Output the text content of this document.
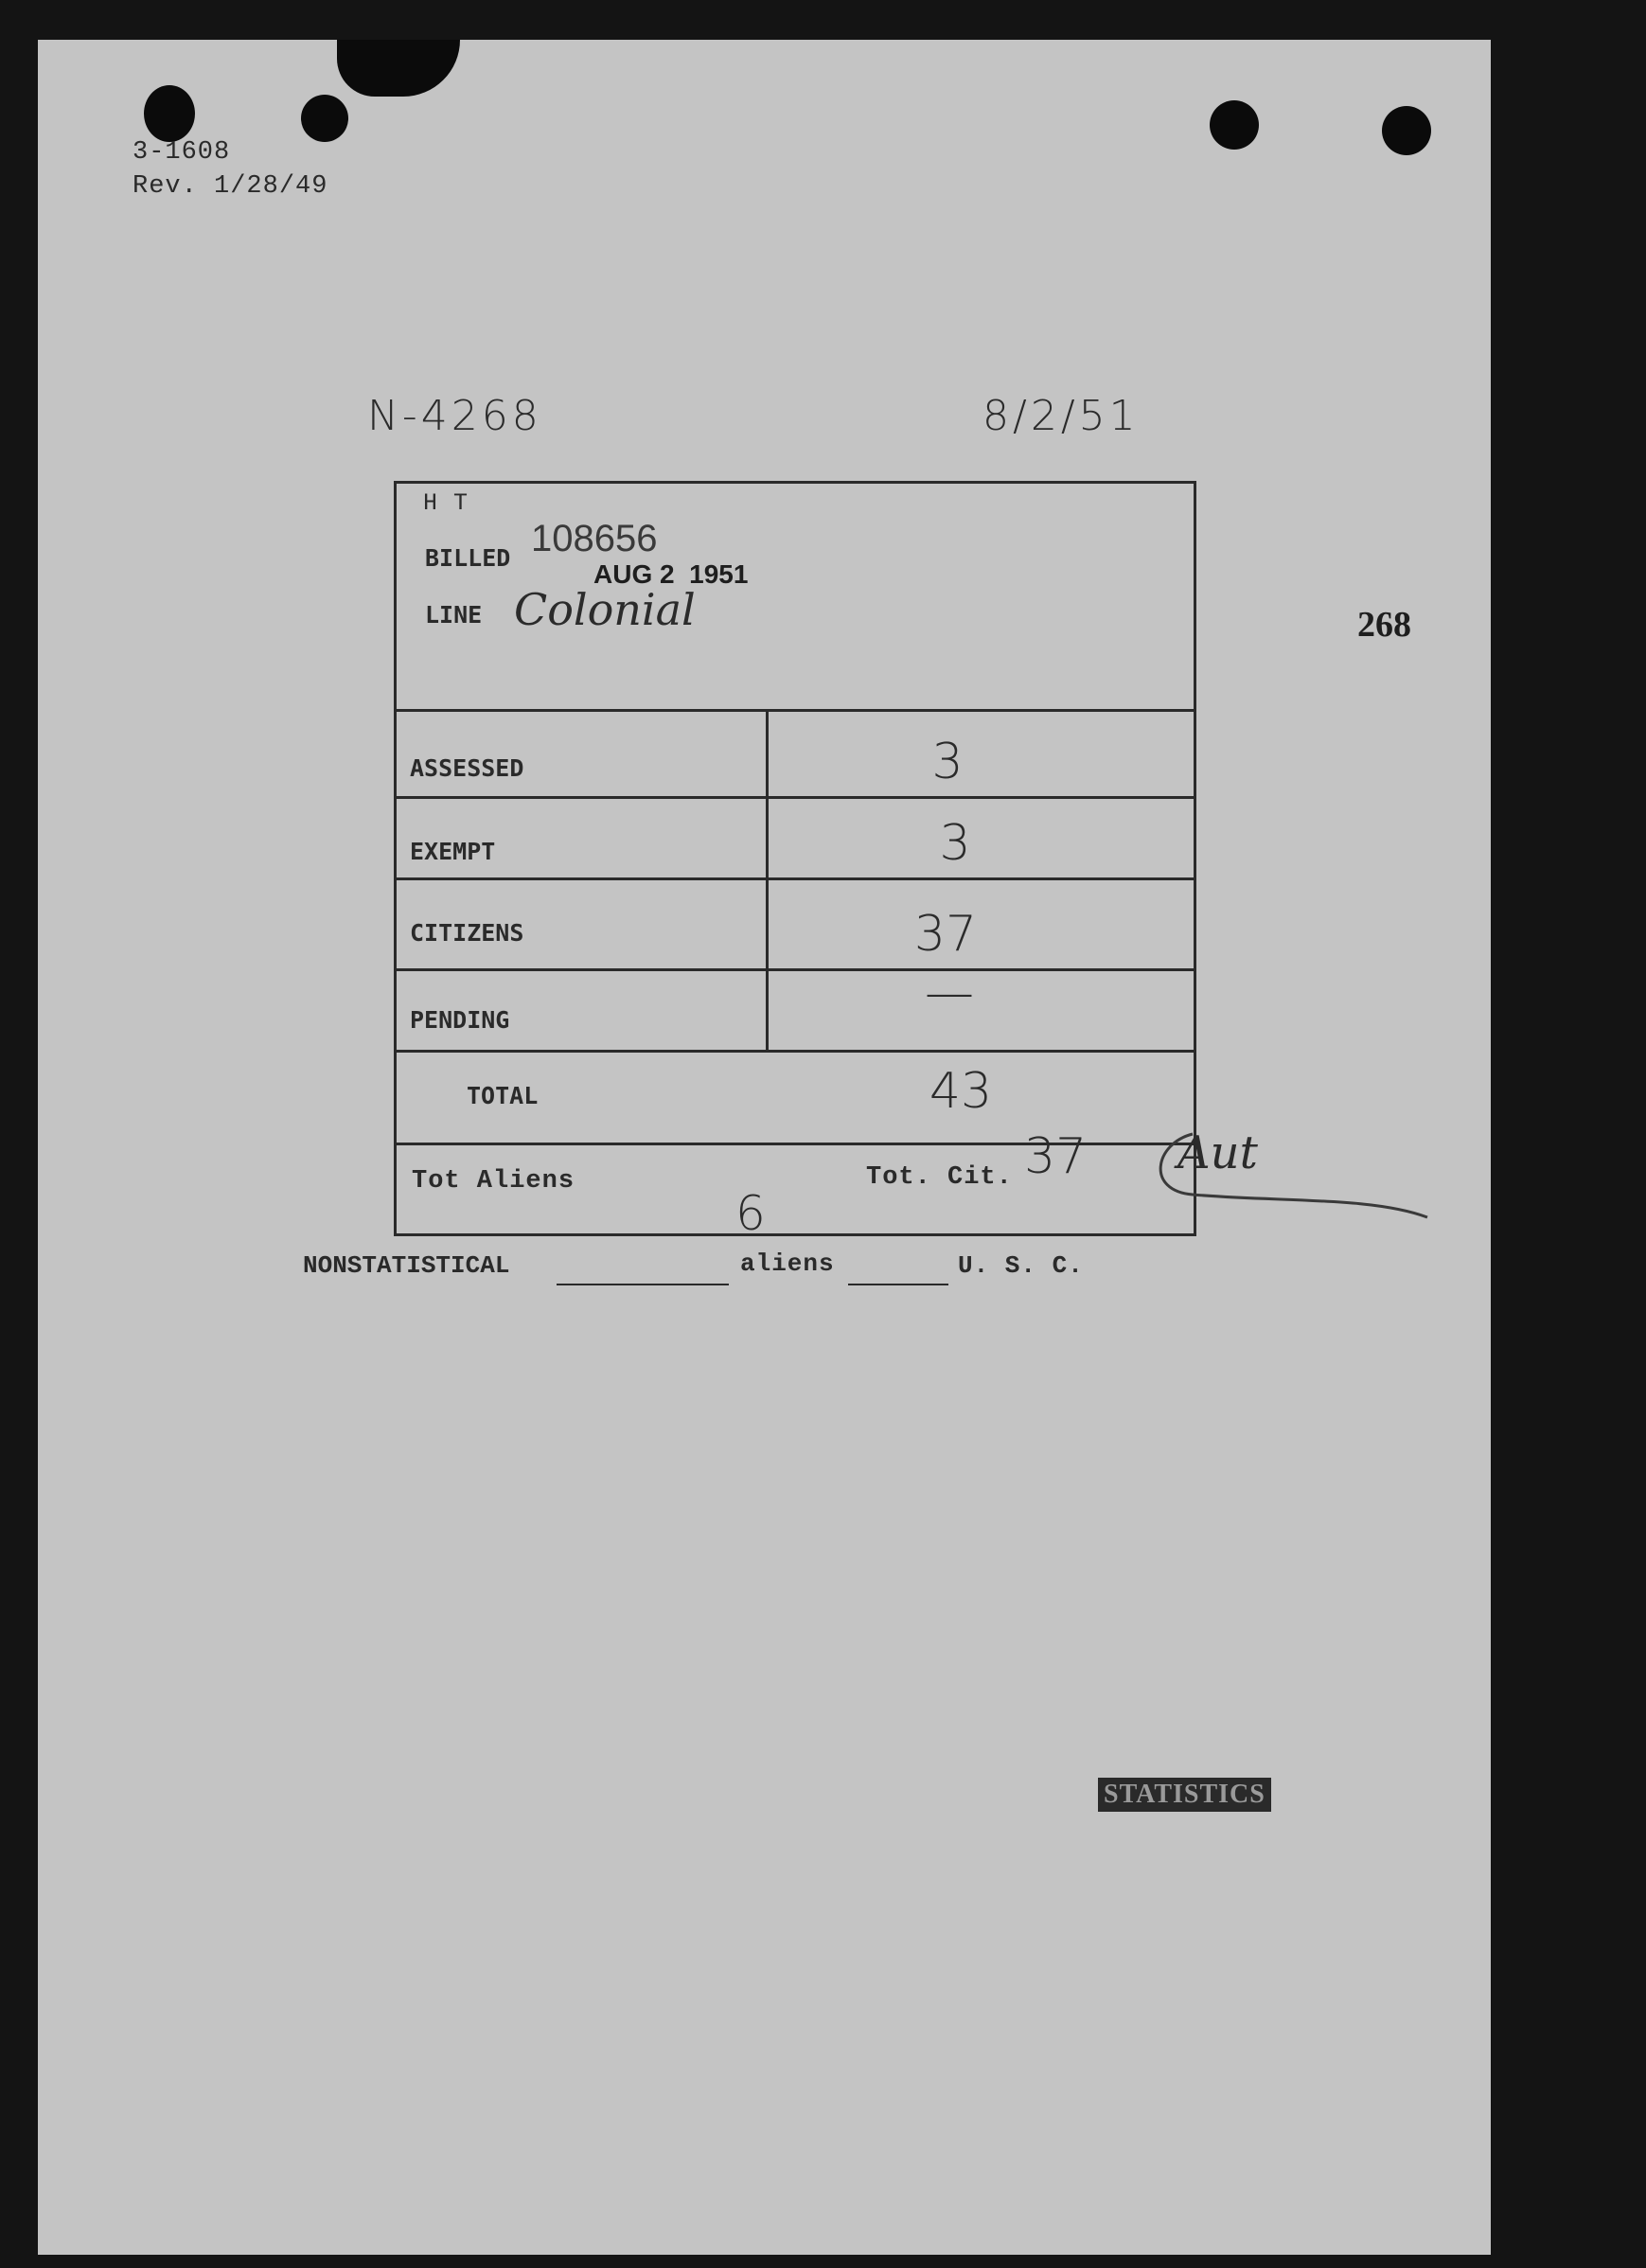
3-1608
Rev. 1/28/49
N-4268	8/2/51
268
H T
BILLED 108656
AUG 2  1951
LINE Colonial
ASSESSED	3
EXEMPT	3
CITIZENS	37
PENDING	—
TOTAL	43
Tot Aliens
6
Tot. Cit. 37 Aut
NONSTATISTICAL	aliens	U. S. C.
STATISTICS
